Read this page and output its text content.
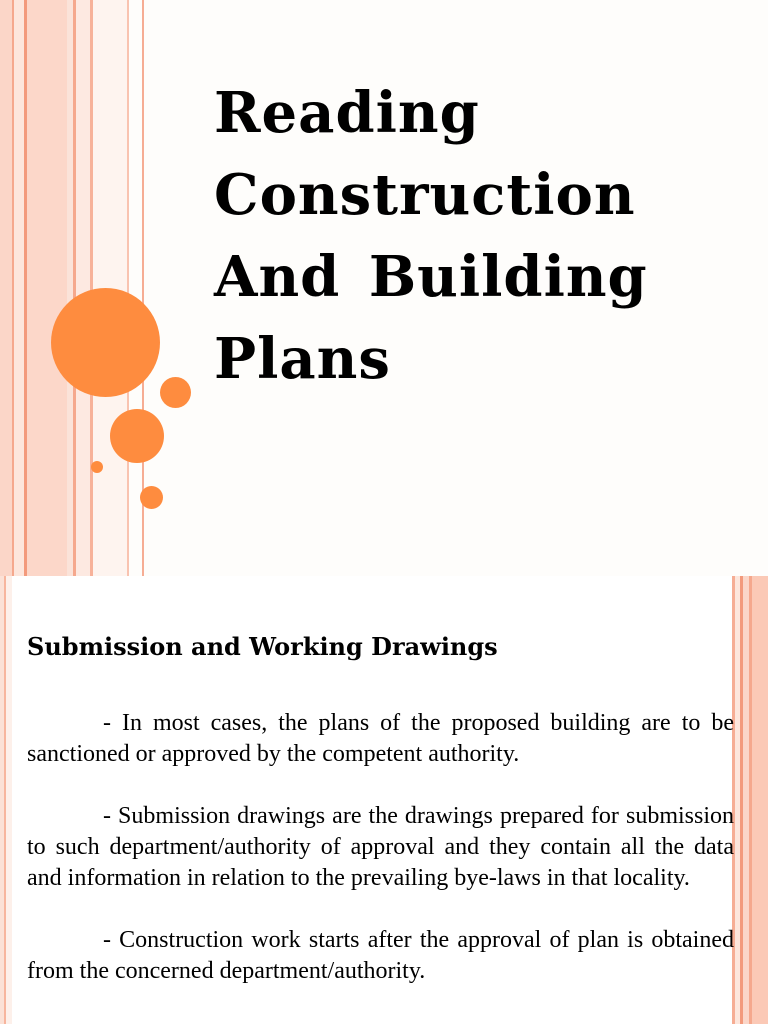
Reading
Construction
And Building
Plans
Submission and Working Drawings

- In most cases, the plans of the proposed building are to be sanctioned or approved by the competent authority.

- Submission drawings are the drawings prepared for submission to such department/authority of approval and they contain all the data and information in relation to the prevailing bye-laws in that locality.

- Construction work starts after the approval of plan is obtained from the concerned department/authority.
